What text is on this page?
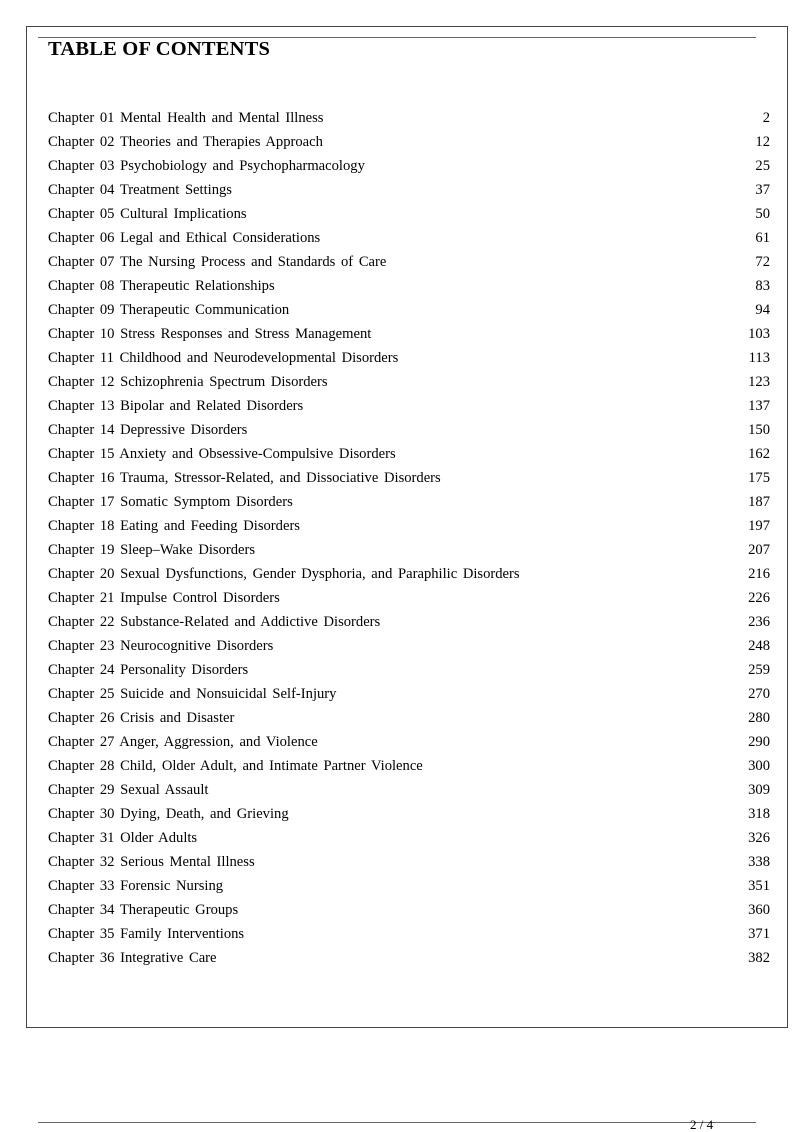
TABLE OF CONTENTS
Chapter 01 Mental Health and Mental Illness	2
Chapter 02 Theories and Therapies Approach	12
Chapter 03 Psychobiology and Psychopharmacology	25
Chapter 04 Treatment Settings	37
Chapter 05 Cultural Implications	50
Chapter 06 Legal and Ethical Considerations	61
Chapter 07 The Nursing Process and Standards of Care	72
Chapter 08 Therapeutic Relationships	83
Chapter 09 Therapeutic Communication	94
Chapter 10 Stress Responses and Stress Management	103
Chapter 11 Childhood and Neurodevelopmental Disorders	113
Chapter 12 Schizophrenia Spectrum Disorders	123
Chapter 13 Bipolar and Related Disorders	137
Chapter 14 Depressive Disorders	150
Chapter 15 Anxiety and Obsessive-Compulsive Disorders	162
Chapter 16 Trauma, Stressor-Related, and Dissociative Disorders	175
Chapter 17 Somatic Symptom Disorders	187
Chapter 18 Eating and Feeding Disorders	197
Chapter 19 Sleep–Wake Disorders	207
Chapter 20 Sexual Dysfunctions, Gender Dysphoria, and Paraphilic Disorders	216
Chapter 21 Impulse Control Disorders	226
Chapter 22 Substance-Related and Addictive Disorders	236
Chapter 23 Neurocognitive Disorders	248
Chapter 24 Personality Disorders	259
Chapter 25 Suicide and Nonsuicidal Self-Injury	270
Chapter 26 Crisis and Disaster	280
Chapter 27 Anger, Aggression, and Violence	290
Chapter 28 Child, Older Adult, and Intimate Partner Violence	300
Chapter 29 Sexual Assault	309
Chapter 30 Dying, Death, and Grieving	318
Chapter 31 Older Adults	326
Chapter 32 Serious Mental Illness	338
Chapter 33 Forensic Nursing	351
Chapter 34 Therapeutic Groups	360
Chapter 35 Family Interventions	371
Chapter 36 Integrative Care	382
2 / 4
